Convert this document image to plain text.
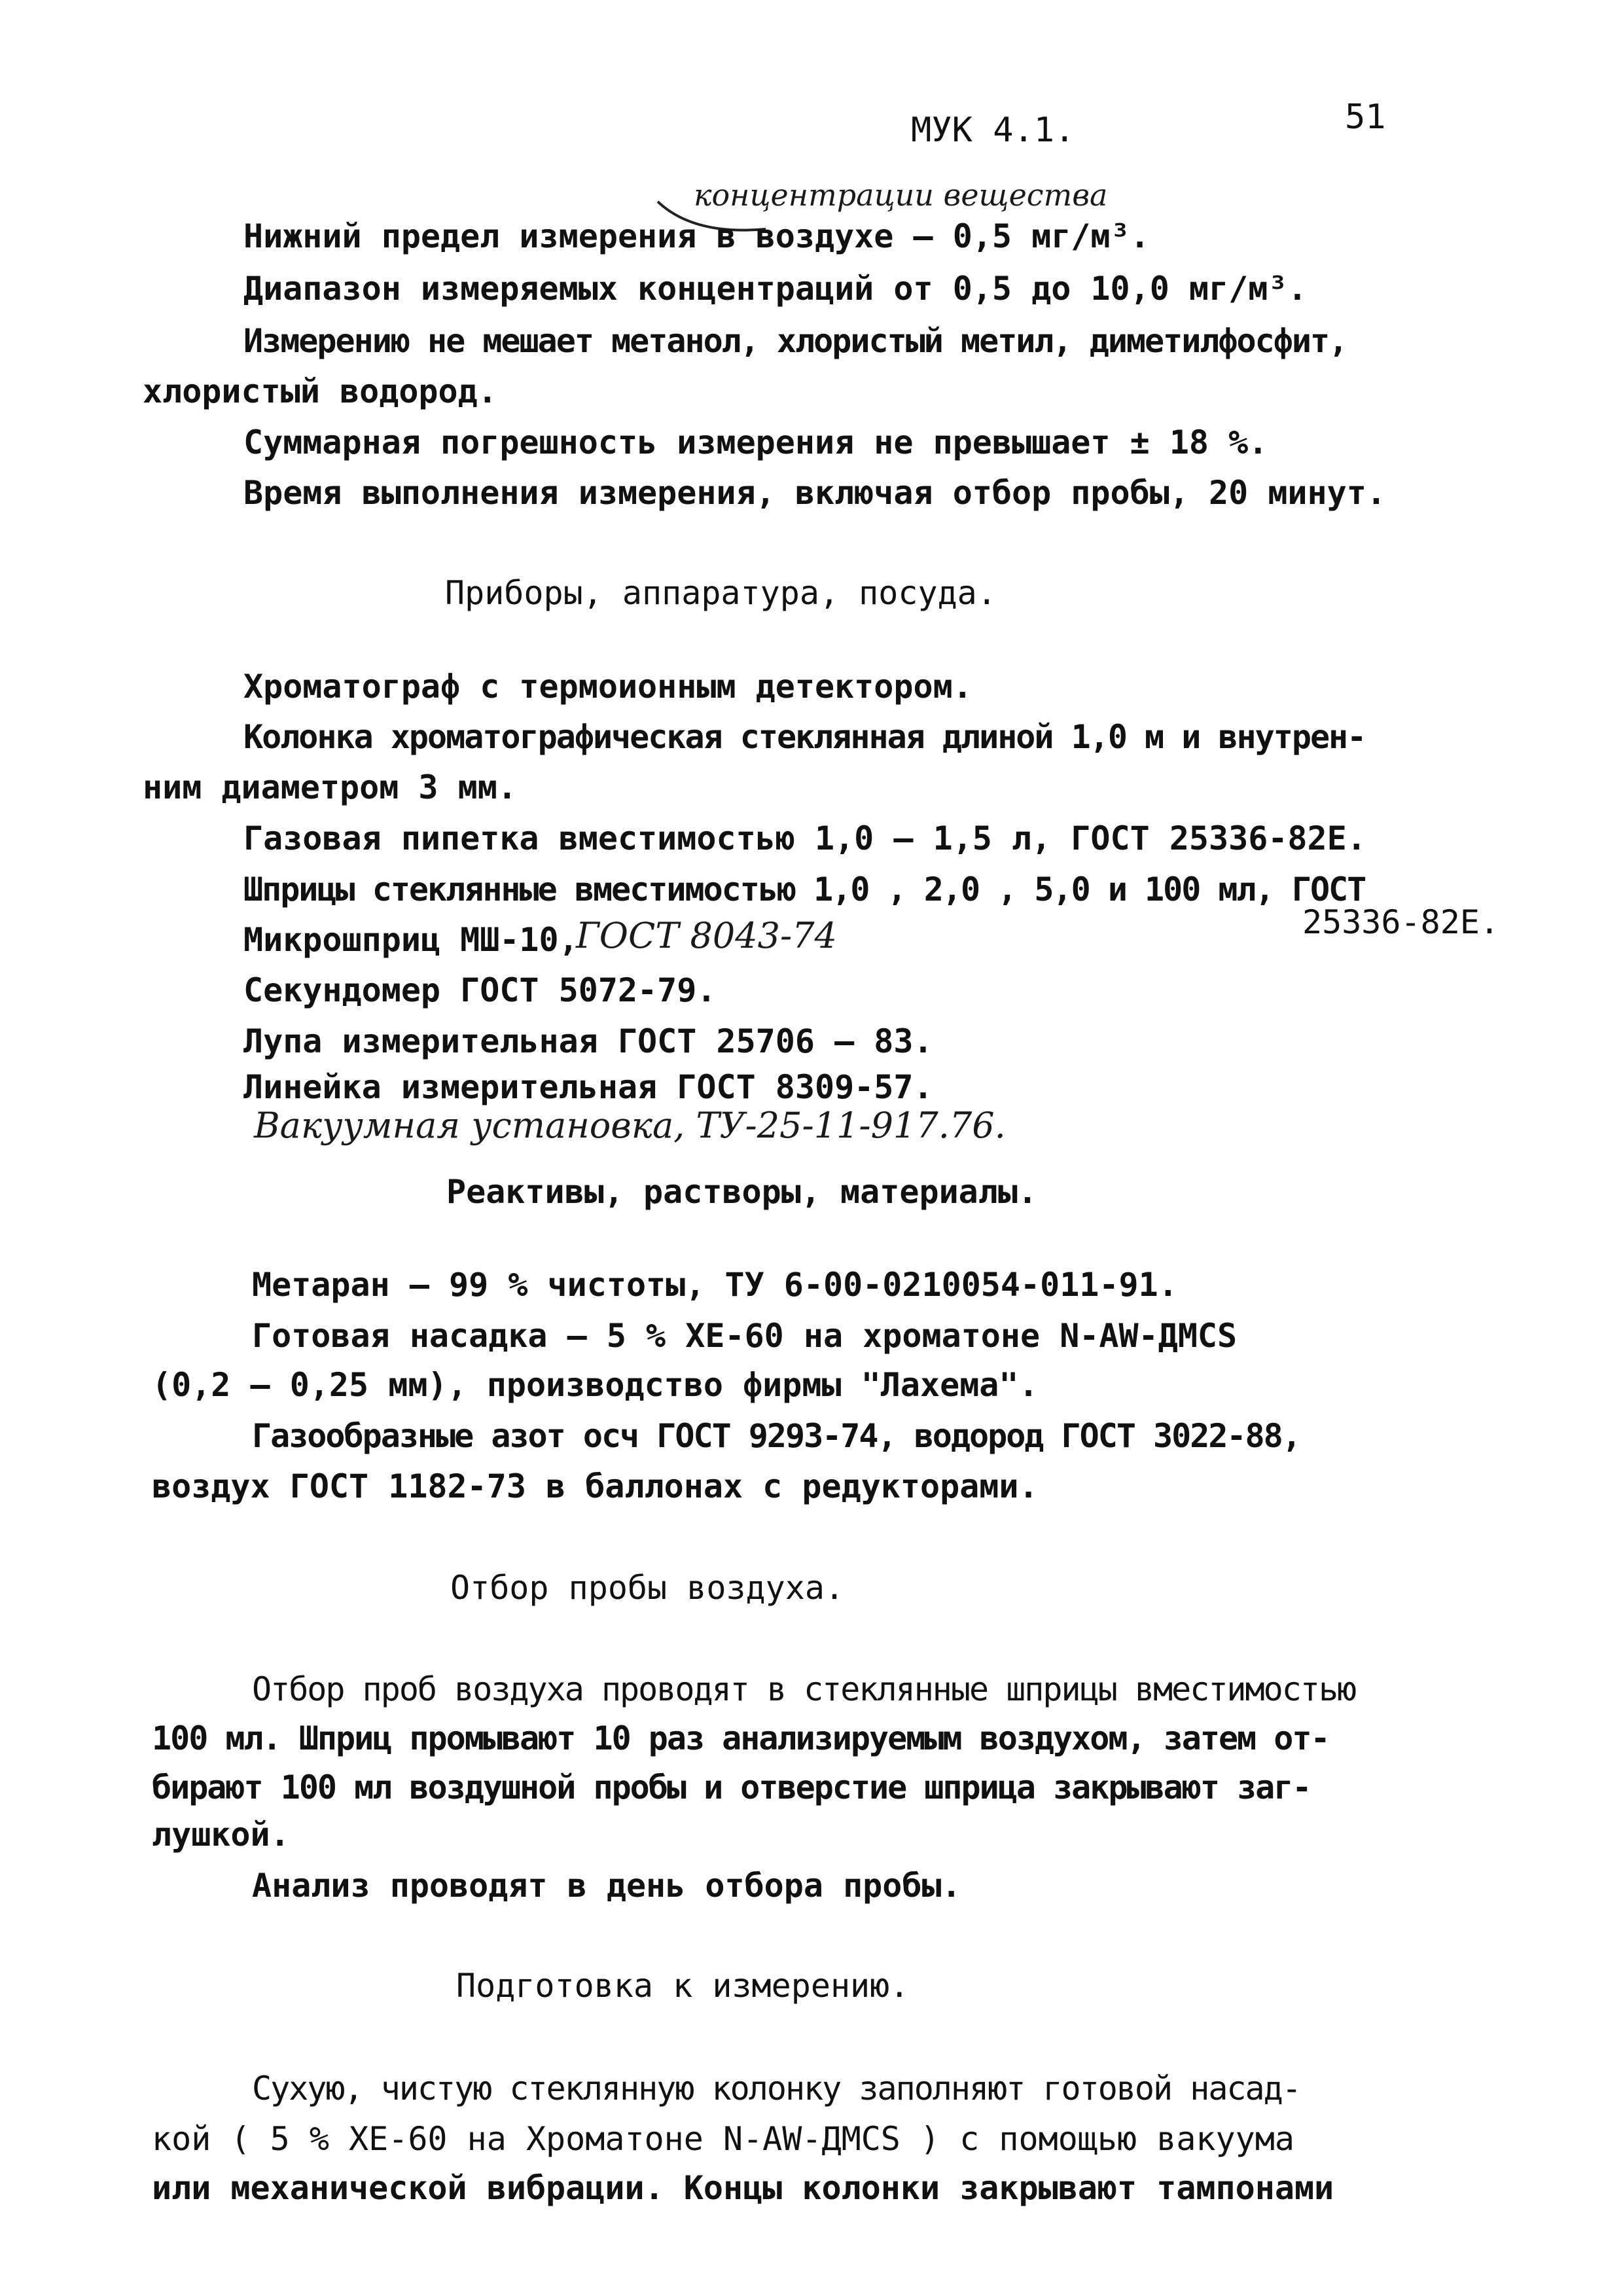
МУК 4.1.	51
концентрации вещества
Нижний предел измерения в воздухе – 0,5 мг/м³.
Диапазон измеряемых концентраций от 0,5 до 10,0 мг/м³.
Измерению не мешает метанол, хлористый метил, диметилфосфит,
хлористый водород.
Суммарная погрешность измерения не превышает ± 18 %.
Время выполнения измерения, включая отбор пробы, 20 минут.
Приборы, аппаратура, посуда.
Хроматограф с термоионным детектором.
Колонка хроматографическая стеклянная длиной 1,0 м и внутрен-
ним диаметром 3 мм.
Газовая пипетка вместимостью 1,0 – 1,5 л, ГОСТ 25336-82Е.
Шприцы стеклянные вместимостью 1,0 , 2,0 , 5,0 и 100 мл, ГОСТ
25336-82Е.
Микрошприц МШ-10,
ГОСТ 8043-74
Секундомер ГОСТ 5072-79.
Лупа измерительная ГОСТ 25706 – 83.
Линейка измерительная ГОСТ 8309-57.
Вакуумная установка, ТУ-25-11-917.76.
Реактивы, растворы, материалы.
Метаран – 99 % чистоты, ТУ 6-00-0210054-011-91.
Готовая насадка – 5 % ХЕ-60 на хроматоне N-AW-ДМСS
(0,2 – 0,25 мм), производство фирмы "Лахема".
Газообразные азот осч ГОСТ 9293-74, водород ГОСТ 3022-88,
воздух ГОСТ 1182-73 в баллонах с редукторами.
Отбор пробы воздуха.
Отбор проб воздуха проводят в стеклянные шприцы вместимостью
100 мл. Шприц промывают 10 раз анализируемым воздухом, затем от-
бирают 100 мл воздушной пробы и отверстие шприца закрывают заг-
лушкой.
Анализ проводят в день отбора пробы.
Подготовка к измерению.
Сухую, чистую стеклянную колонку заполняют готовой насад-
кой ( 5 % ХЕ-60 на Хроматоне N-AW-ДМСS ) с помощью вакуума
или механической вибрации. Концы колонки закрывают тампонами
